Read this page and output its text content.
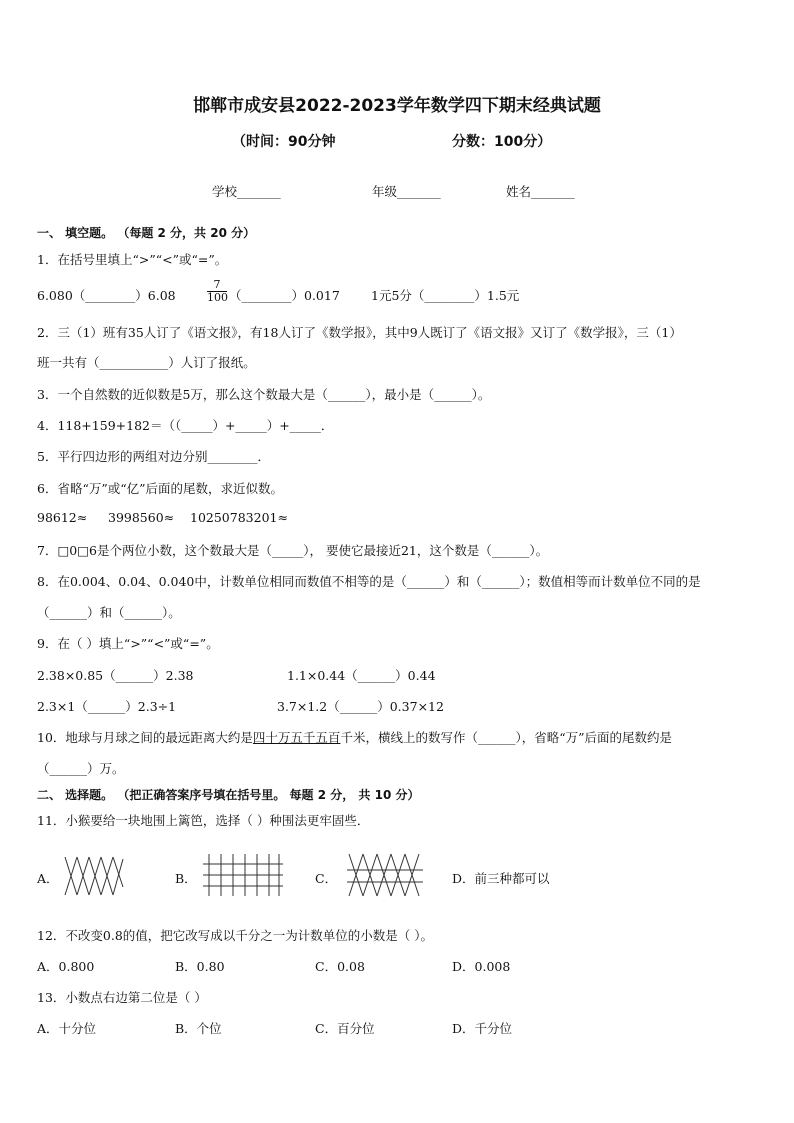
邯郸市成安县2022-2023学年数学四下期末经典试题
（时间：90分钟	分数：100分）
学校_______	年级_______	姓名_______
一、 填空题。 （每题 2 分，共 20 分）
1．在括号里填上“>”“<”或“=”。
6.080（________）6.08	$\frac{7}{100}$ （________）0.017 1元5分（________）1.5元
2．三（1）班有35人订了《语文报》，有18人订了《数学报》，其中9人既订了《语文报》又订了《数学报》，三（1）
班一共有（___________）人订了报纸。
3．一个自然数的近似数是5万，那么这个数最大是（______），最小是（______）。
4．118+159+182＝（（_____）+_____）+_____．
5．平行四边形的两组对边分别________．
6．省略“万”或“亿”后面的尾数，求近似数。
98612≈ 3998560≈ 10250783201≈
7．□0□6是个两位小数，这个数最大是（_____）， 要使它最接近21，这个数是（______）。
8．在0.004、0.04、0.040中，计数单位相同而数值不相等的是（______）和（______）；数值相等而计数单位不同的是
（______）和（______）。
9．在（ ）填上“>”“<”或“=”。
2.38×0.85（______）2.38	1.1×0.44（______）0.44
2.3×1（______）2.3÷1	3.7×1.2（______）0.37×12
10．地球与月球之间的最远距离大约是四十万五千五百千米，横线上的数写作（______），省略“万”后面的尾数约是
（______）万。
二、 选择题。 （把正确答案序号填在括号里。 每题 2 分， 共 10 分）
11．小猴要给一块地围上篱笆，选择（ ）种围法更牢固些．
A．	B．	C．	D．前三种都可以
12．不改变0.8的值，把它改写成以千分之一为计数单位的小数是（ ）。
A．0.800	B．0.80	C．0.08	D．0.008
13．小数点右边第二位是（ ）
A．十分位	B．个位	C．百分位	D．千分位
